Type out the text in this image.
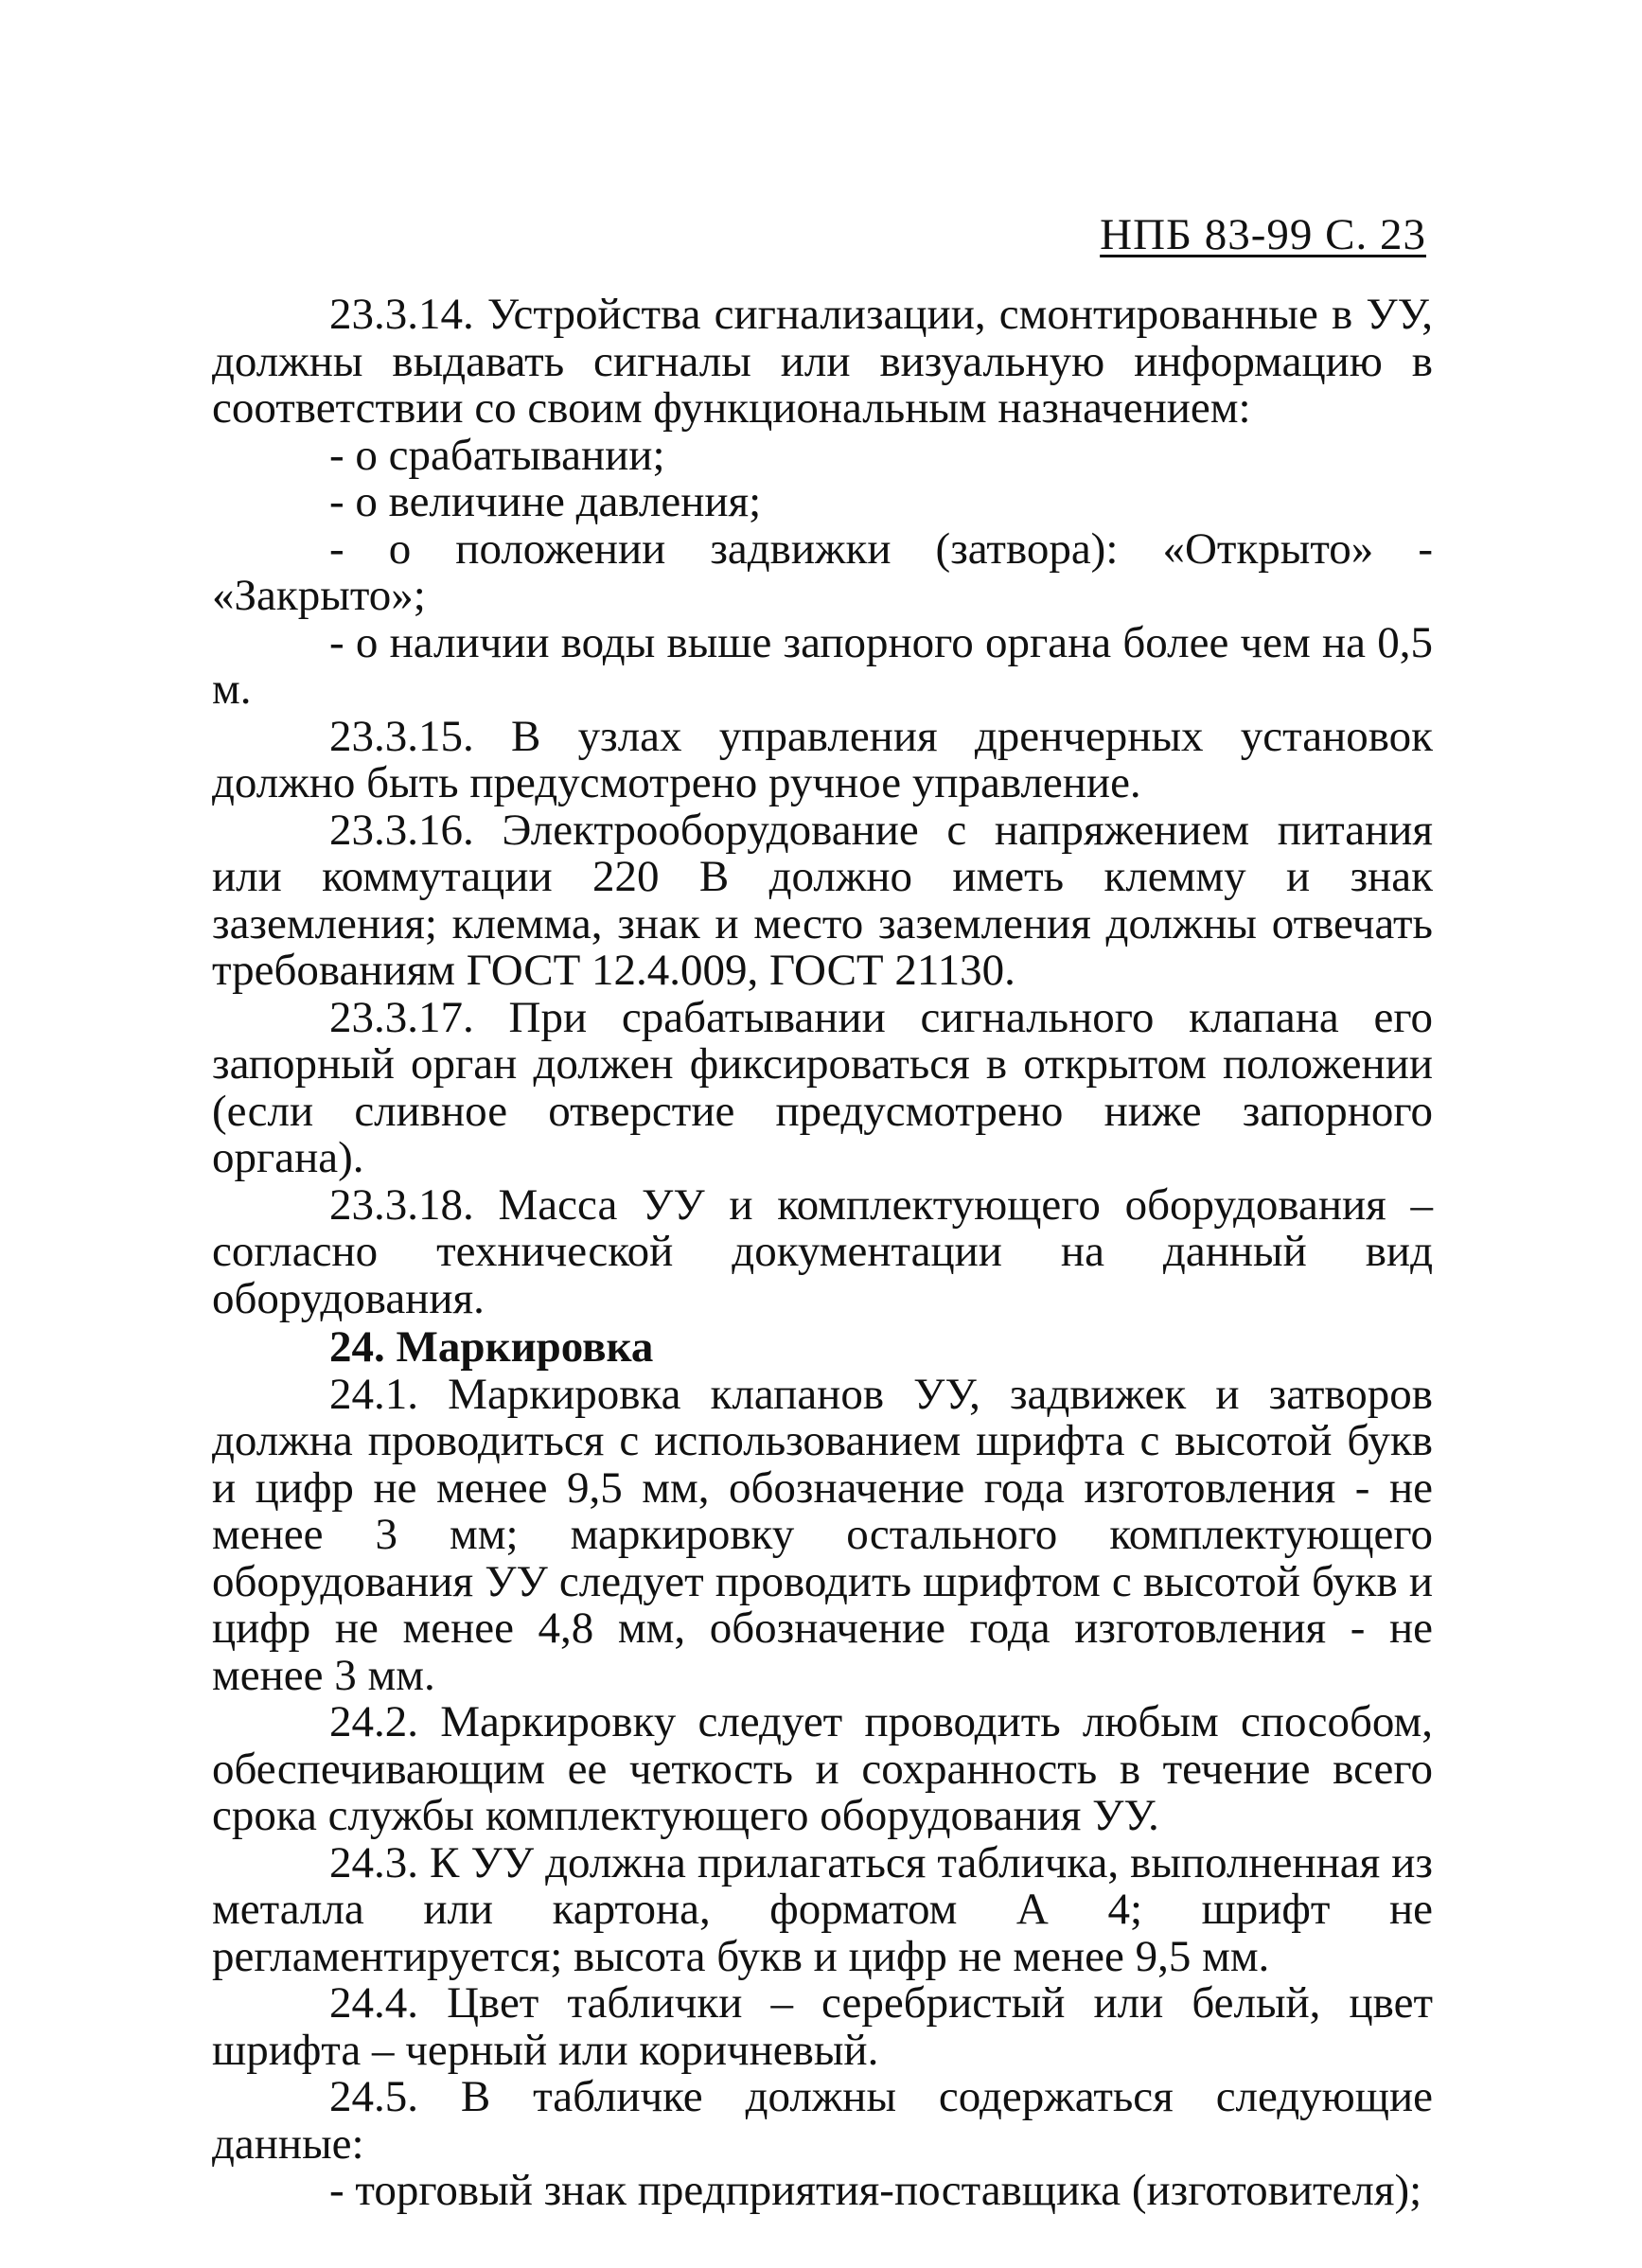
НПБ 83-99 С. 23

23.3.14. Устройства сигнализации, смонтированные в УУ, должны выдавать сигналы или визуальную информацию в соответствии со своим функциональным назначением:

- о срабатывании;

- о величине давления;

- о положении задвижки (затвора): «Открыто» - «Закрыто»;

- о наличии воды выше запорного органа более чем на 0,5 м.

23.3.15. В узлах управления дренчерных установок должно быть предусмотрено ручное управление.

23.3.16. Электрооборудование с напряжением питания или коммутации 220 В должно иметь клемму и знак заземления; клемма, знак и место заземления должны отвечать требованиям ГОСТ 12.4.009, ГОСТ 21130.

23.3.17. При срабатывании сигнального клапана его запорный орган должен фиксироваться в открытом положении (если сливное отверстие предусмотрено ниже запорного органа).

23.3.18. Масса УУ и комплектующего оборудования – согласно технической документации на данный вид оборудования.

24. Маркировка

24.1. Маркировка клапанов УУ, задвижек и затворов должна проводиться с использованием шрифта с высотой букв и цифр не менее 9,5 мм, обозначение года изготовления - не менее 3 мм; маркировку остального комплектующего оборудования УУ следует проводить шрифтом с высотой букв и цифр не менее 4,8 мм, обозначение года изготовления - не менее 3 мм.

24.2. Маркировку следует проводить любым способом, обеспечивающим ее четкость и сохранность в течение всего срока службы комплектующего оборудования УУ.

24.3. К УУ должна прилагаться табличка, выполненная из металла или картона, форматом А 4; шрифт не регламентируется; высота букв и цифр не менее 9,5 мм.

24.4. Цвет таблички – серебристый или белый, цвет шрифта – черный или коричневый.

24.5. В табличке должны содержаться следующие данные:

- торговый знак предприятия-поставщика (изготовителя);
